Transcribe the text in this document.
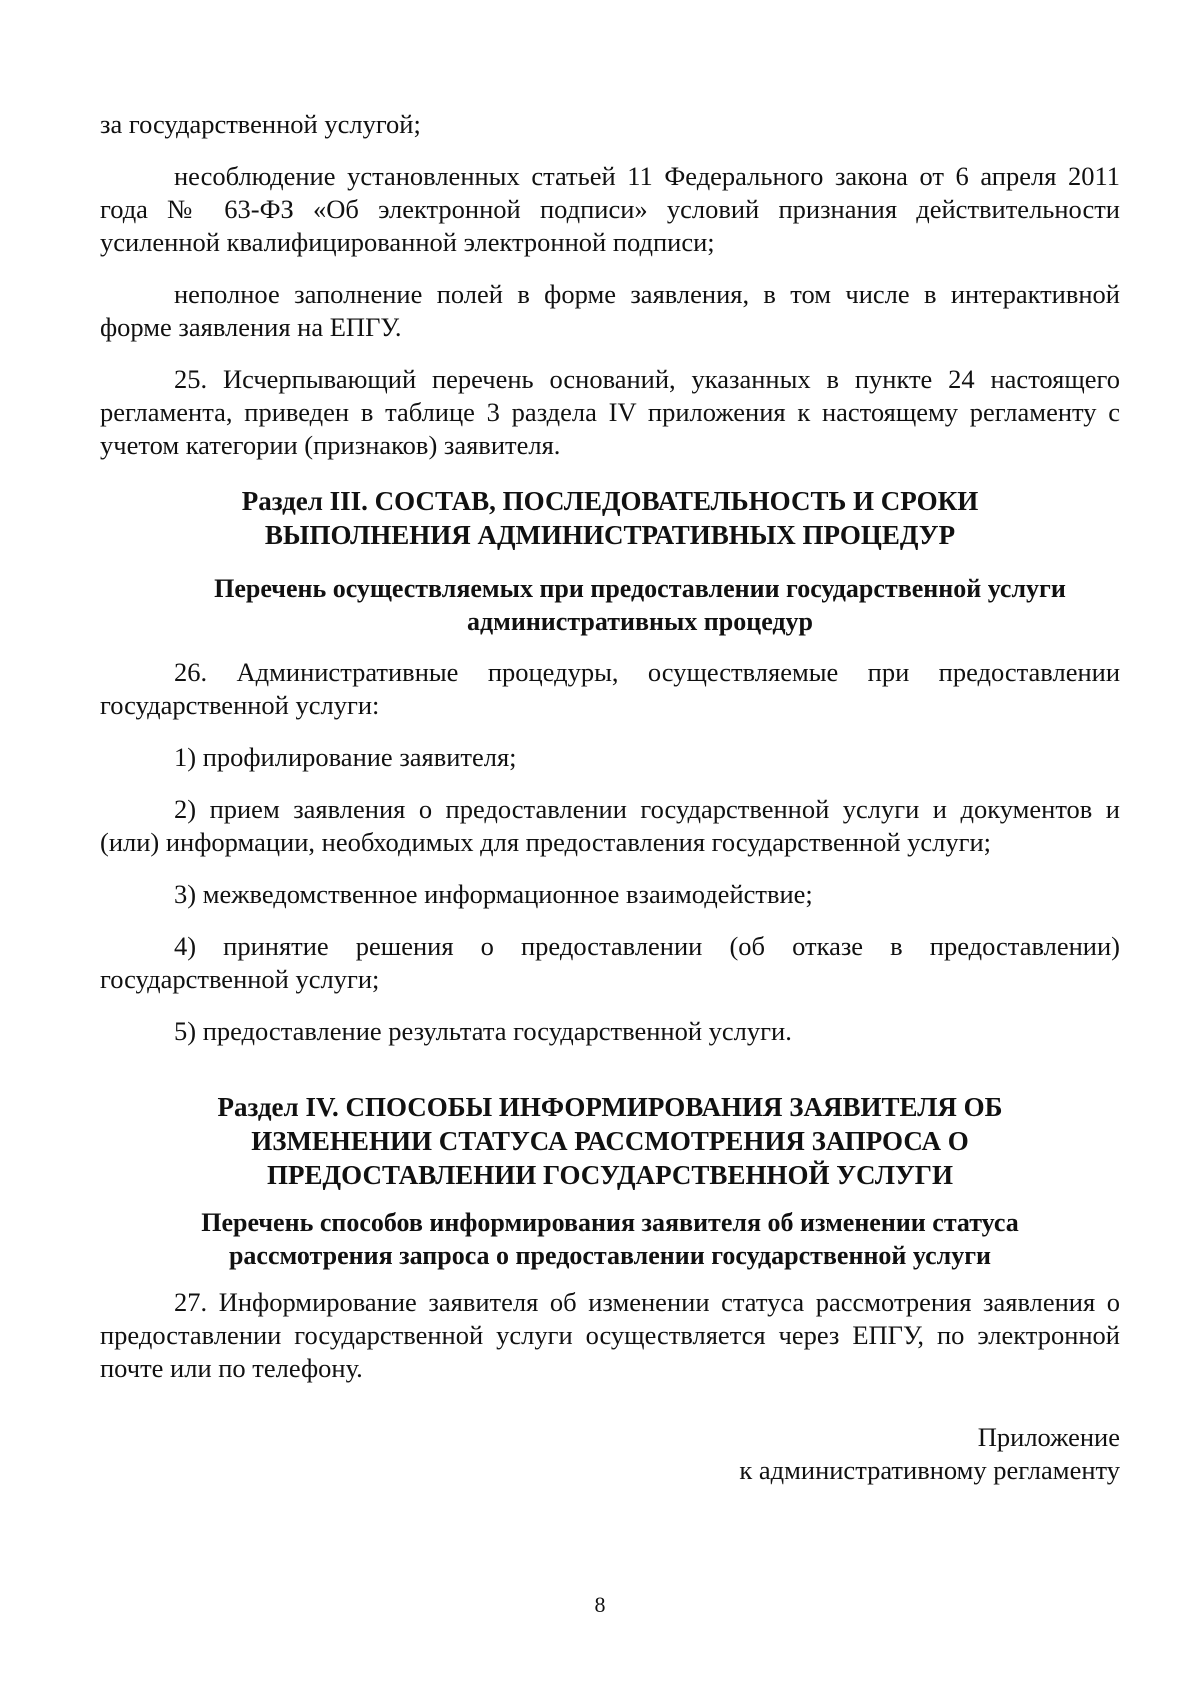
за государственной услугой;

несоблюдение установленных статьей 11 Федерального закона от 6 апреля 2011 года № 63-ФЗ «Об электронной подписи» условий признания действительности усиленной квалифицированной электронной подписи;

неполное заполнение полей в форме заявления, в том числе в интерактивной форме заявления на ЕПГУ.

25. Исчерпывающий перечень оснований, указанных в пункте 24 настоящего регламента, приведен в таблице 3 раздела IV приложения к настоящему регламенту с учетом категории (признаков) заявителя.

Раздел III. СОСТАВ, ПОСЛЕДОВАТЕЛЬНОСТЬ И СРОКИ
ВЫПОЛНЕНИЯ АДМИНИСТРАТИВНЫХ ПРОЦЕДУР
Перечень осуществляемых при предоставлении государственной услуги
административных процедур

26. Административные процедуры, осуществляемые при предоставлении государственной услуги:

1) профилирование заявителя;

2) прием заявления о предоставлении государственной услуги и документов и (или) информации, необходимых для предоставления государственной услуги;

3) межведомственное информационное взаимодействие;

4) принятие решения о предоставлении (об отказе в предоставлении) государственной услуги;

5) предоставление результата государственной услуги.

Раздел IV. СПОСОБЫ ИНФОРМИРОВАНИЯ ЗАЯВИТЕЛЯ ОБ
ИЗМЕНЕНИИ СТАТУСА РАССМОТРЕНИЯ ЗАПРОСА О
ПРЕДОСТАВЛЕНИИ ГОСУДАРСТВЕННОЙ УСЛУГИ
Перечень способов информирования заявителя об изменении статуса
рассмотрения запроса о предоставлении государственной услуги

27. Информирование заявителя об изменении статуса рассмотрения заявления о предоставлении государственной услуги осуществляется через ЕПГУ, по электронной почте или по телефону.

Приложение
к административному регламенту
8
